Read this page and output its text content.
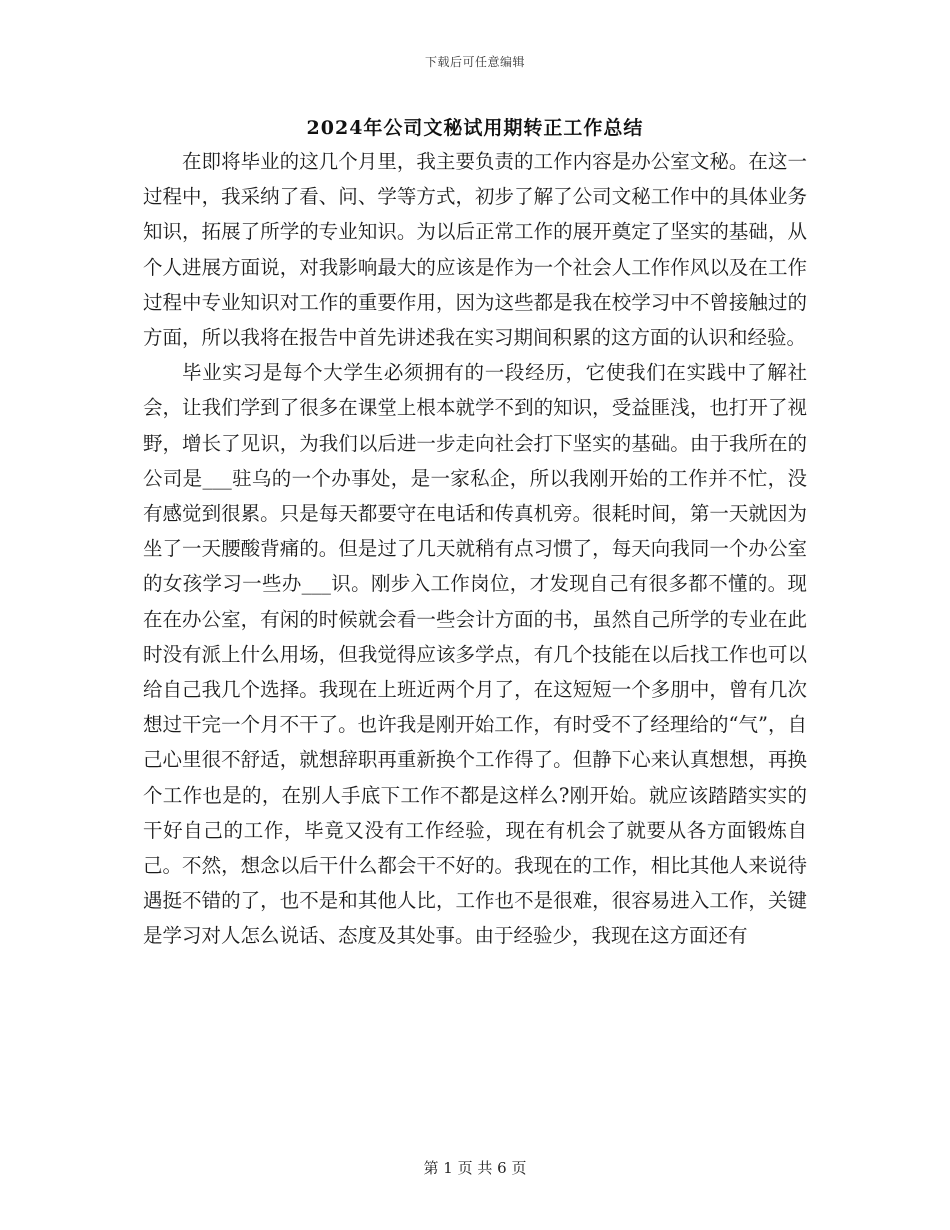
下载后可任意编辑
2024年公司文秘试用期转正工作总结

在即将毕业的这几个月里，我主要负责的工作内容是办公室文秘。在这一过程中，我采纳了看、问、学等方式，初步了解了公司文秘工作中的具体业务知识，拓展了所学的专业知识。为以后正常工作的展开奠定了坚实的基础，从个人进展方面说，对我影响最大的应该是作为一个社会人工作作风以及在工作过程中专业知识对工作的重要作用，因为这些都是我在校学习中不曾接触过的方面，所以我将在报告中首先讲述我在实习期间积累的这方面的认识和经验。

毕业实习是每个大学生必须拥有的一段经历，它使我们在实践中了解社会，让我们学到了很多在课堂上根本就学不到的知识，受益匪浅，也打开了视野，增长了见识，为我们以后进一步走向社会打下坚实的基础。由于我所在的公司是___驻乌的一个办事处，是一家私企，所以我刚开始的工作并不忙，没有感觉到很累。只是每天都要守在电话和传真机旁。很耗时间，第一天就因为坐了一天腰酸背痛的。但是过了几天就稍有点习惯了，每天向我同一个办公室的女孩学习一些办___识。刚步入工作岗位，才发现自己有很多都不懂的。现在在办公室，有闲的时候就会看一些会计方面的书，虽然自己所学的专业在此时没有派上什么用场，但我觉得应该多学点，有几个技能在以后找工作也可以给自己我几个选择。我现在上班近两个月了，在这短短一个多朋中，曾有几次想过干完一个月不干了。也许我是刚开始工作，有时受不了经理给的“气”，自己心里很不舒适，就想辞职再重新换个工作得了。但静下心来认真想想，再换个工作也是的，在别人手底下工作不都是这样么?刚开始。就应该踏踏实实的干好自己的工作，毕竟又没有工作经验，现在有机会了就要从各方面锻炼自己。不然，想念以后干什么都会干不好的。我现在的工作，相比其他人来说待遇挺不错的了，也不是和其他人比，工作也不是很难，很容易进入工作，关键是学习对人怎么说话、态度及其处事。由于经验少，我现在这方面还有

第 1 页 共 6 页
